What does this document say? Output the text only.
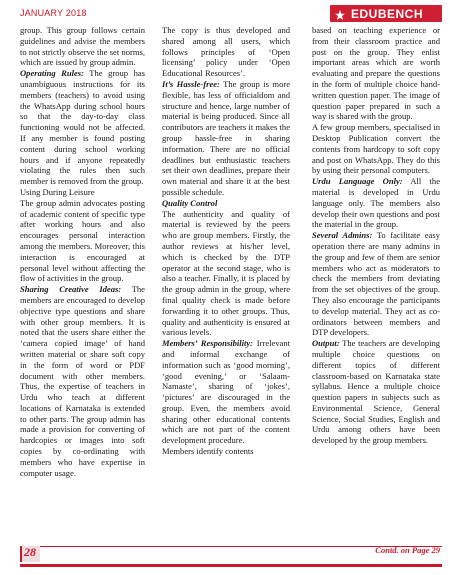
JANUARY 2018	EDUBENCH

group. This group follows certain guidelines and advise the members to not strictly observe the set norms, which are issued by group admin.

Operating Rules: The group has unambiguous instructions for its members (teachers) to avoid using the WhatsApp during school hours so that the day-to-day class functioning would not be affected. If any member is found posting content during school working hours and if anyone repeatedly violating the rules then such member is removed from the group.

Using During Leisure

The group admin advocates posting of academic content of specific type after working hours and also encourages personal interaction among the members. Moreover, this interaction is encouraged at personal level without affecting the flow of activities in the group.

Sharing Creative Ideas: The members are encouraged to develop objective type questions and share with other group members. It is noted that the users share either the ‘camera copied image’ of hand written material or share soft copy in the form of word or PDF document with other members. Thus, the expertise of teachers in Urdu who teach at different locations of Karnataka is extended to other parts. The group admin has made a provision for converting of hardcopies or images into soft copies by co-ordinating with members who have expertise in computer usage.

The copy is thus developed and shared among all users, which follows principles of ‘Open licensing’ policy under ‘Open Educational Resources’.

It’s Hassle-free: The group is more flexible, has less of officialdom and structure and hence, large number of material is being produced. Since all contributors are teachers it makes the group hassle-free in sharing information. There are no official deadlines but enthusiastic teachers set their own deadlines, prepare their own material and share it at the best possible schedule.

Quality Control

The authenticity and quality of material is reviewed by the peers who are group members. Firstly, the author reviews at his/her level, which is checked by the DTP operator at the second stage, who is also a teacher. Finally, it is placed by the group admin in the group, where final quality check is made before forwarding it to other groups. Thus, quality and authenticity is ensured at various levels.

Members’ Responsibility: Irrelevant and informal exchange of information such as ‘good morning’, ‘good evening,’ or ‘Salaam-Namaste’, sharing of ‘jokes’, ‘pictures’ are discouraged in the group. Even, the members avoid sharing other educational contents which are not part of the content development procedure.

Members identify contents

based on teaching experience or from their classroom practice and post on the group. They enlist important areas which are worth evaluating and prepare the questions in the form of multiple choice hand-written question paper. The image of question paper prepared in such a way is shared with the group.

A few group members, specialised in Desktop Publication convert the contents from hardcopy to soft copy and post on WhatsApp. They do this by using their personal computers.

Urdu Language Only: All the material is developed in Urdu language only. The members also develop their own questions and post the material in the group.

Several Admins: To facilitate easy operation there are many admins in the group and few of them are senior members who act as moderators to check the members from deviating from the set objectives of the group. They also encourage the participants to develop material. They act as co-ordinators between members and DTP developers.

Output: The teachers are developing multiple choice questions on different topics of different classroom-based on Karnataka state syllabus. Hence a multiple choice question papers in subjects such as Environmental Science, General Science, Social Studies, English and Urdu among others have been developed by the group members.

Contd. on Page 29
28
